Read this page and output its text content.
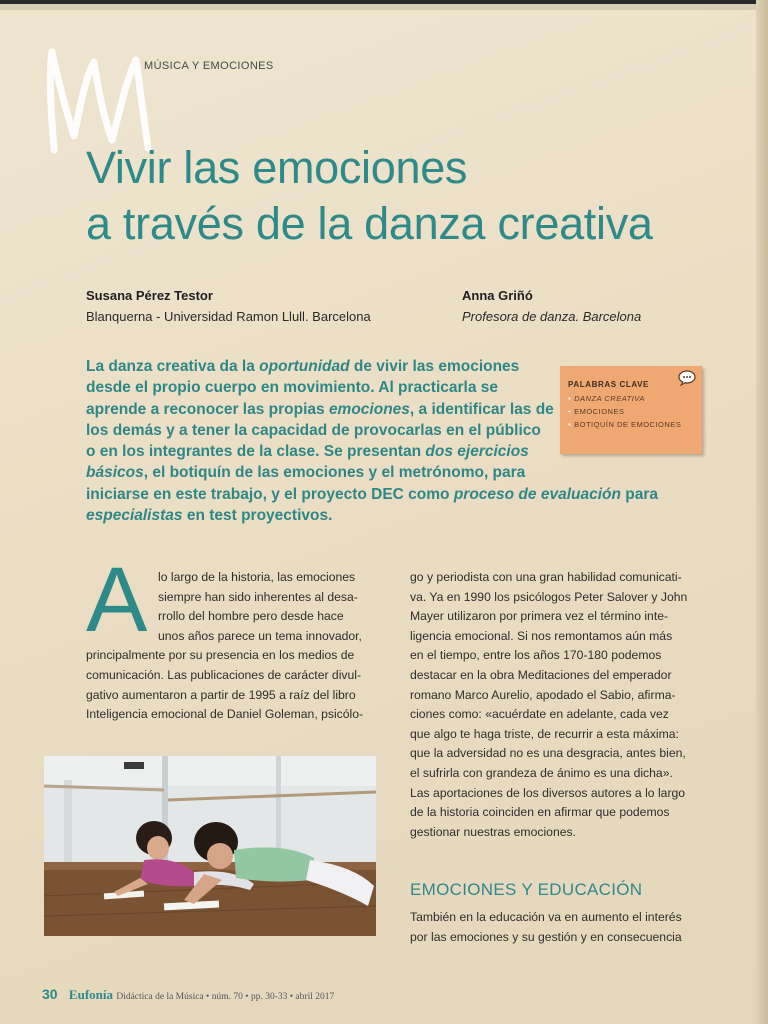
MÚSICA Y EMOCIONES
Vivir las emociones
a través de la danza creativa
Susana Pérez Testor
Blanquerna - Universidad Ramon Llull. Barcelona
Anna Griñó
Profesora de danza. Barcelona
La danza creativa da la oportunidad de vivir las emociones
desde el propio cuerpo en movimiento. Al practicarla se
aprende a reconocer las propias emociones, a identificar las de
los demás y a tener la capacidad de provocarlas en el público
o en los integrantes de la clase. Se presentan dos ejercicios
básicos, el botiquín de las emociones y el metrónomo, para
iniciarse en este trabajo, y el proyecto DEC como proceso de evaluación para
especialistas en test proyectivos.
PALABRAS CLAVE
• DANZA CREATIVA
• EMOCIONES
• BOTIQUÍN DE EMOCIONES
A lo largo de la historia, las emociones
siempre han sido inherentes al desa-
rrollo del hombre pero desde hace
unos años parece un tema innovador,
principalmente por su presencia en los medios de
comunicación. Las publicaciones de carácter divul-
gativo aumentaron a partir de 1995 a raíz del libro
Inteligencia emocional de Daniel Goleman, psicólo-
go y periodista con una gran habilidad comunicati-
va. Ya en 1990 los psicólogos Peter Salover y John
Mayer utilizaron por primera vez el término inte-
ligencia emocional. Si nos remontamos aún más
en el tiempo, entre los años 170-180 podemos
destacar en la obra Meditaciones del emperador
romano Marco Aurelio, apodado el Sabio, afirma-
ciones como: «acuérdate en adelante, cada vez
que algo te haga triste, de recurrir a esta máxima:
que la adversidad no es una desgracia, antes bien,
el sufrirla con grandeza de ánimo es una dicha».
Las aportaciones de los diversos autores a lo largo
de la historia coinciden en afirmar que podemos
gestionar nuestras emociones.
EMOCIONES Y EDUCACIÓN
También en la educación va en aumento el interés
por las emociones y su gestión y en consecuencia
30 Eufonía Didáctica de la Música • núm. 70 • pp. 30-33 • abril 2017
